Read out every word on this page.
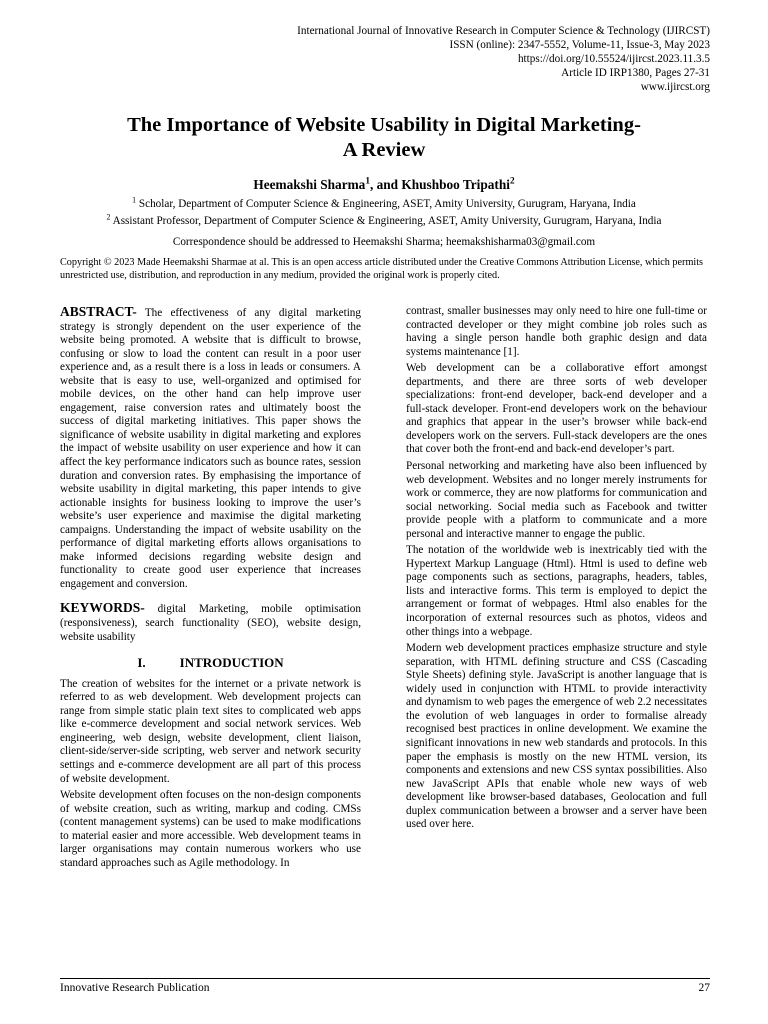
International Journal of Innovative Research in Computer Science & Technology (IJIRCST)
ISSN (online): 2347-5552, Volume-11, Issue-3, May 2023
https://doi.org/10.55524/ijircst.2023.11.3.5
Article ID IRP1380, Pages 27-31
www.ijircst.org
The Importance of Website Usability in Digital Marketing-
A Review
Heemakshi Sharma$^1$, and Khushboo Tripathi$^2$
$^1$ Scholar, Department of Computer Science & Engineering, ASET, Amity University, Gurugram, Haryana, India
$^2$ Assistant Professor, Department of Computer Science & Engineering, ASET, Amity University, Gurugram, Haryana, India
Correspondence should be addressed to Heemakshi Sharma; heemakshisharma03@gmail.com
Copyright © 2023 Made Heemakshi Sharmae at al. This is an open access article distributed under the Creative Commons Attribution License, which permits unrestricted use, distribution, and reproduction in any medium, provided the original work is properly cited.

ABSTRACT- The effectiveness of any digital marketing strategy is strongly dependent on the user experience of the website being promoted. A website that is difficult to browse, confusing or slow to load the content can result in a poor user experience and, as a result there is a loss in leads or consumers. A website that is easy to use, well-organized and optimised for mobile devices, on the other hand can help improve user engagement, raise conversion rates and ultimately boost the success of digital marketing initiatives. This paper shows the significance of website usability in digital marketing and explores the impact of website usability on user experience and how it can affect the key performance indicators such as bounce rates, session duration and conversion rates. By emphasising the importance of website usability in digital marketing, this paper intends to give actionable insights for business looking to improve the user’s website’s user experience and maximise the digital marketing campaigns. Understanding the impact of website usability on the performance of digital marketing efforts allows organisations to make informed decisions regarding website design and functionality to create good user experience that increases engagement and conversion.

KEYWORDS- digital Marketing, mobile optimisation (responsiveness), search functionality (SEO), website design, website usability

I.	INTRODUCTION

The creation of websites for the internet or a private network is referred to as web development. Web development projects can range from simple static plain text sites to complicated web apps like e-commerce development and social network services. Web engineering, web design, website development, client liaison, client-side/server-side scripting, web server and network security settings and e-commerce development are all part of this process of website development.

Website development often focuses on the non-design components of website creation, such as writing, markup and coding. CMSs (content management systems) can be used to make modifications to material easier and more accessible. Web development teams in larger organisations may contain numerous workers who use standard approaches such as Agile methodology. In

contrast, smaller businesses may only need to hire one full-time or contracted developer or they might combine job roles such as having a single person handle both graphic design and data systems maintenance [1].

Web development can be a collaborative effort amongst departments, and there are three sorts of web developer specializations: front-end developer, back-end developer and a full-stack developer. Front-end developers work on the behaviour and graphics that appear in the user’s browser while back-end developers work on the servers. Full-stack developers are the ones that cover both the front-end and back-end developer’s part.

Personal networking and marketing have also been influenced by web development. Websites and no longer merely instruments for work or commerce, they are now platforms for communication and social networking. Social media such as Facebook and twitter provide people with a platform to communicate and a more personal and interactive manner to engage the public.

The notation of the worldwide web is inextricably tied with the Hypertext Markup Language (Html). Html is used to define web page components such as sections, paragraphs, headers, tables, lists and interactive forms. This term is employed to depict the arrangement or format of webpages. Html also enables for the incorporation of external resources such as photos, videos and other things into a webpage.

Modern web development practices emphasize structure and style separation, with HTML defining structure and CSS (Cascading Style Sheets) defining style. JavaScript is another language that is widely used in conjunction with HTML to provide interactivity and dynamism to web pages the emergence of web 2.2 necessitates the evolution of web languages in order to formalise already recognised best practices in online development. We examine the significant innovations in new web standards and protocols. In this paper the emphasis is mostly on the new HTML version, its components and extensions and new CSS syntax possibilities. Also new JavaScript APIs that enable whole new ways of web development like browser-based databases, Geolocation and full duplex communication between a browser and a server have been used over here.

Innovative Research Publication	27
